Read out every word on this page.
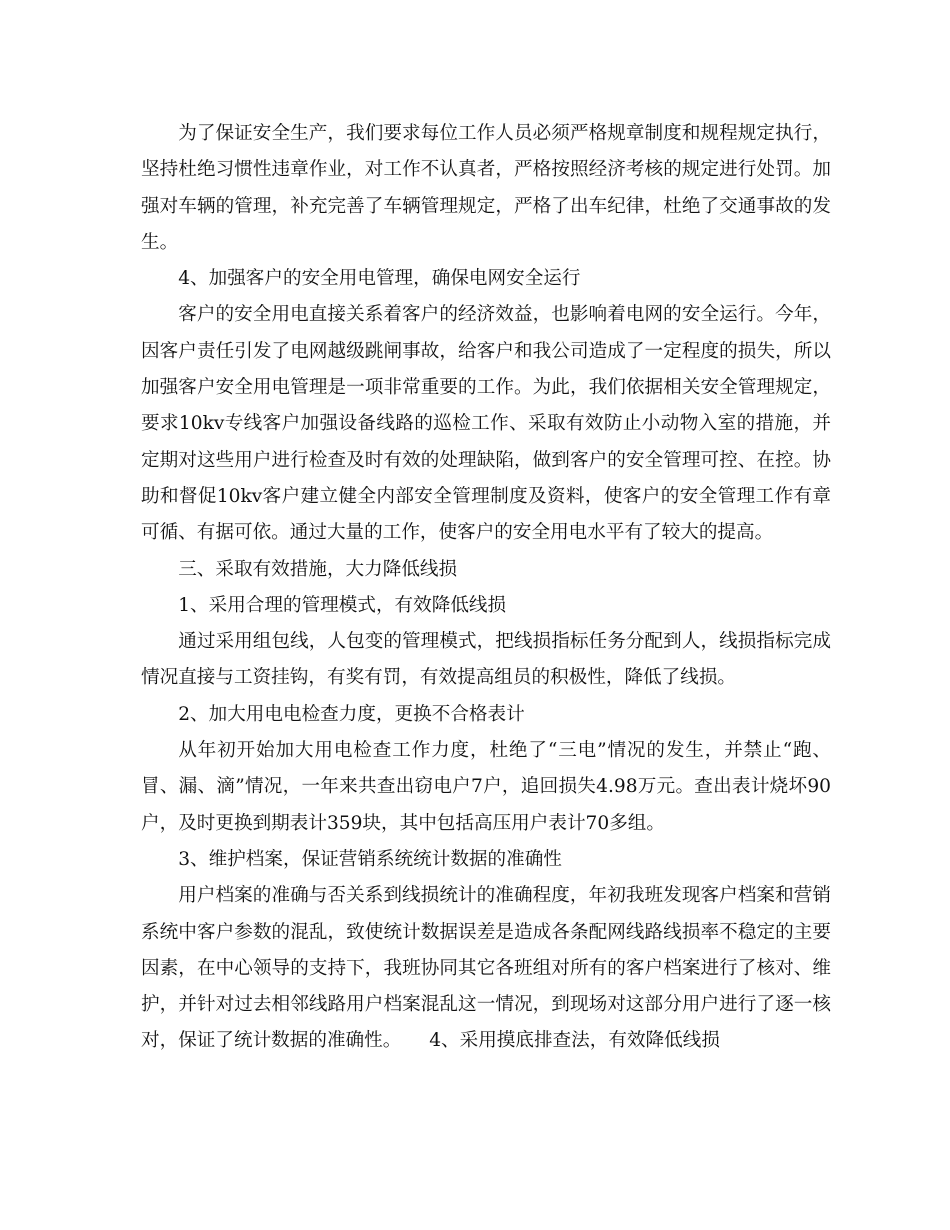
为了保证安全生产，我们要求每位工作人员必须严格规章制度和规程规定执行，坚持杜绝习惯性违章作业，对工作不认真者，严格按照经济考核的规定进行处罚。加强对车辆的管理，补充完善了车辆管理规定，严格了出车纪律，杜绝了交通事故的发生。

4、加强客户的安全用电管理，确保电网安全运行

客户的安全用电直接关系着客户的经济效益，也影响着电网的安全运行。今年，因客户责任引发了电网越级跳闸事故，给客户和我公司造成了一定程度的损失，所以加强客户安全用电管理是一项非常重要的工作。为此，我们依据相关安全管理规定，要求10kv专线客户加强设备线路的巡检工作、采取有效防止小动物入室的措施，并定期对这些用户进行检查及时有效的处理缺陷，做到客户的安全管理可控、在控。协助和督促10kv客户建立健全内部安全管理制度及资料，使客户的安全管理工作有章可循、有据可依。通过大量的工作，使客户的安全用电水平有了较大的提高。

三、采取有效措施，大力降低线损

1、采用合理的管理模式，有效降低线损

通过采用组包线，人包变的管理模式，把线损指标任务分配到人，线损指标完成情况直接与工资挂钩，有奖有罚，有效提高组员的积极性，降低了线损。

2、加大用电电检查力度，更换不合格表计

从年初开始加大用电检查工作力度，杜绝了“三电”情况的发生，并禁止“跑、冒、漏、滴”情况，一年来共查出窃电户7户，追回损失4.98万元。查出表计烧坏90户，及时更换到期表计359块，其中包括高压用户表计70多组。

3、维护档案，保证营销系统统计数据的准确性

用户档案的准确与否关系到线损统计的准确程度，年初我班发现客户档案和营销系统中客户参数的混乱，致使统计数据误差是造成各条配网线路线损率不稳定的主要因素，在中心领导的支持下，我班协同其它各班组对所有的客户档案进行了核对、维护，并针对过去相邻线路用户档案混乱这一情况，到现场对这部分用户进行了逐一核对，保证了统计数据的准确性。　　4、采用摸底排查法，有效降低线损
